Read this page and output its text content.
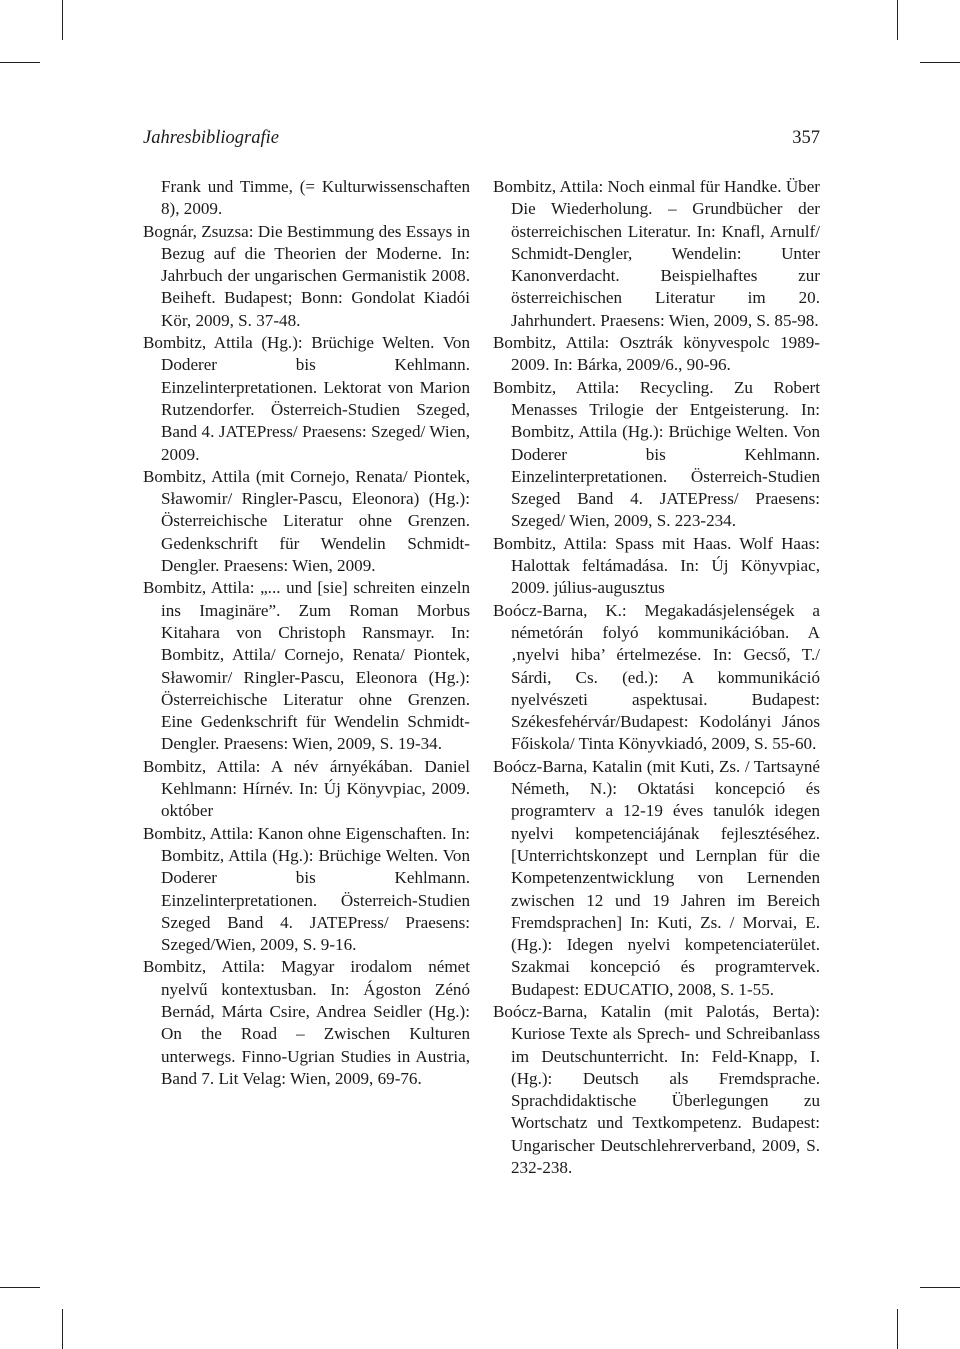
Jahresbibliografie	357

Frank und Timme, (= Kulturwissenschaften 8), 2009.

Bognár, Zsuzsa: Die Bestimmung des Essays in Bezug auf die Theorien der Moderne. In: Jahrbuch der ungarischen Germanistik 2008. Beiheft. Budapest; Bonn: Gondolat Kiadói Kör, 2009, S. 37-48.

Bombitz, Attila (Hg.): Brüchige Welten. Von Doderer bis Kehlmann. Einzelinterpretationen. Lektorat von Marion Rutzendorfer. Österreich-Studien Szeged, Band 4. JATEPress/ Praesens: Szeged/ Wien, 2009.

Bombitz, Attila (mit Cornejo, Renata/ Piontek, Sławomir/ Ringler-Pascu, Eleonora) (Hg.): Österreichische Literatur ohne Grenzen. Gedenkschrift für Wendelin Schmidt-Dengler. Praesens: Wien, 2009.

Bombitz, Attila: „... und [sie] schreiten einzeln ins Imaginäre”. Zum Roman Morbus Kitahara von Christoph Ransmayr. In: Bombitz, Attila/ Cornejo, Renata/ Piontek, Sławomir/ Ringler-Pascu, Eleonora (Hg.): Österreichische Literatur ohne Grenzen. Eine Gedenkschrift für Wendelin Schmidt-Dengler. Praesens: Wien, 2009, S. 19-34.

Bombitz, Attila: A név árnyékában. Daniel Kehlmann: Hírnév. In: Új Könyvpiac, 2009. október

Bombitz, Attila: Kanon ohne Eigenschaften. In: Bombitz, Attila (Hg.): Brüchige Welten. Von Doderer bis Kehlmann. Einzelinterpretationen. Österreich-Studien Szeged Band 4. JATEPress/ Praesens: Szeged/Wien, 2009, S. 9-16.

Bombitz, Attila: Magyar irodalom német nyelvű kontextusban. In: Ágoston Zénó Bernád, Márta Csire, Andrea Seidler (Hg.): On the Road – Zwischen Kulturen unterwegs. Finno-Ugrian Studies in Austria, Band 7. Lit Velag: Wien, 2009, 69-76.

Bombitz, Attila: Noch einmal für Handke. Über Die Wiederholung. – Grundbücher der österreichischen Literatur. In: Knafl, Arnulf/ Schmidt-Dengler, Wendelin: Unter Kanonverdacht. Beispielhaftes zur österreichischen Literatur im 20. Jahrhundert. Praesens: Wien, 2009, S. 85-98.

Bombitz, Attila: Osztrák könyvespolc 1989-2009. In: Bárka, 2009/6., 90-96.

Bombitz, Attila: Recycling. Zu Robert Menasses Trilogie der Entgeisterung. In: Bombitz, Attila (Hg.): Brüchige Welten. Von Doderer bis Kehlmann. Einzelinterpretationen. Österreich-Studien Szeged Band 4. JATEPress/ Praesens: Szeged/ Wien, 2009, S. 223-234.

Bombitz, Attila: Spass mit Haas. Wolf Haas: Halottak feltámadása. In: Új Könyvpiac, 2009. július-augusztus

Boócz-Barna, K.: Megakadásjelenségek a németórán folyó kommunikációban. A ‚nyelvi hiba’ értelmezése. In: Gecső, T./ Sárdi, Cs. (ed.): A kommunikáció nyelvészeti aspektusai. Budapest: Székesfehérvár/Budapest: Kodolányi János Főiskola/ Tinta Könyvkiadó, 2009, S. 55-60.

Boócz-Barna, Katalin (mit Kuti, Zs. / Tartsayné Németh, N.): Oktatási koncepció és programterv a 12-19 éves tanulók idegen nyelvi kompetenciájának fejlesztéséhez. [Unterrichtskonzept und Lernplan für die Kompetenzentwicklung von Lernenden zwischen 12 und 19 Jahren im Bereich Fremdsprachen] In: Kuti, Zs. / Morvai, E. (Hg.): Idegen nyelvi kompetenciaterület. Szakmai koncepció és programtervek. Budapest: EDUCATIO, 2008, S. 1-55.

Boócz-Barna, Katalin (mit Palotás, Berta): Kuriose Texte als Sprech- und Schreibanlass im Deutschunterricht. In: Feld-Knapp, I. (Hg.): Deutsch als Fremdsprache. Sprachdidaktische Überlegungen zu Wortschatz und Textkompetenz. Budapest: Ungarischer Deutschlehrerverband, 2009, S. 232-238.
